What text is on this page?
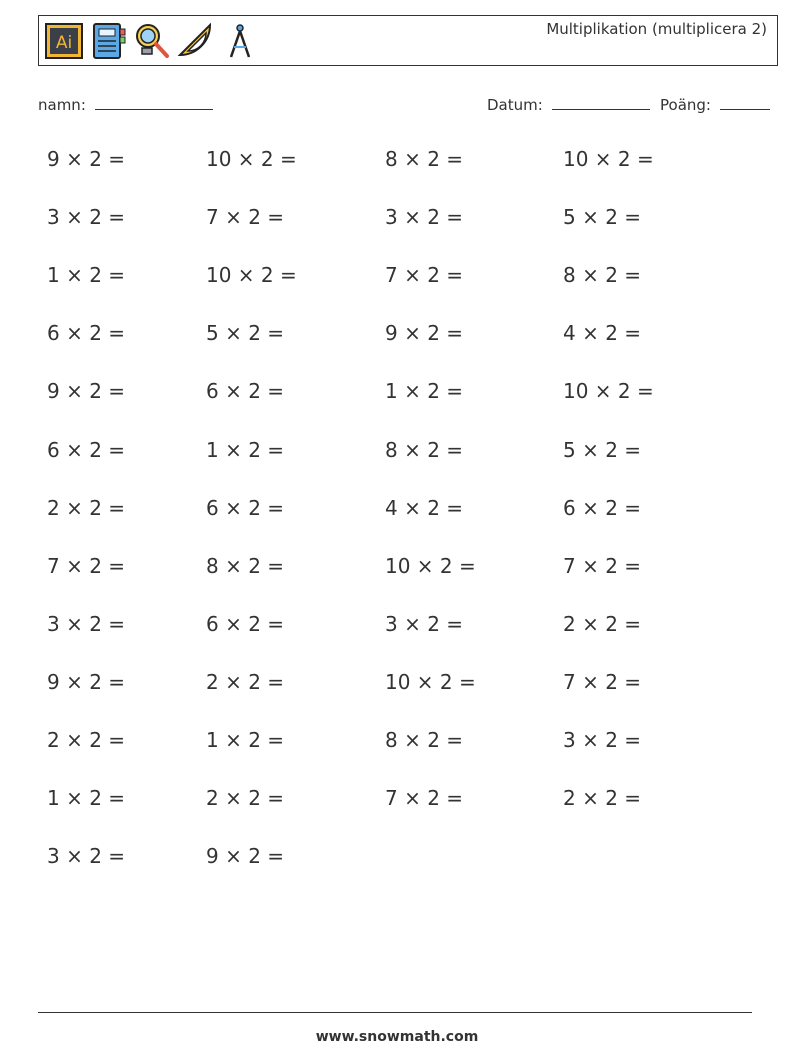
Ai
Multiplikation (multiplicera 2)
namn:	Datum:	Poäng:
9 × 2 =	10 × 2 =	8 × 2 =	10 × 2 =
3 × 2 =	7 × 2 =	3 × 2 =	5 × 2 =
1 × 2 =	10 × 2 =	7 × 2 =	8 × 2 =
6 × 2 =	5 × 2 =	9 × 2 =	4 × 2 =
9 × 2 =	6 × 2 =	1 × 2 =	10 × 2 =
6 × 2 =	1 × 2 =	8 × 2 =	5 × 2 =
2 × 2 =	6 × 2 =	4 × 2 =	6 × 2 =
7 × 2 =	8 × 2 =	10 × 2 =	7 × 2 =
3 × 2 =	6 × 2 =	3 × 2 =	2 × 2 =
9 × 2 =	2 × 2 =	10 × 2 =	7 × 2 =
2 × 2 =	1 × 2 =	8 × 2 =	3 × 2 =
1 × 2 =	2 × 2 =	7 × 2 =	2 × 2 =
3 × 2 =	9 × 2 =
www.snowmath.com
